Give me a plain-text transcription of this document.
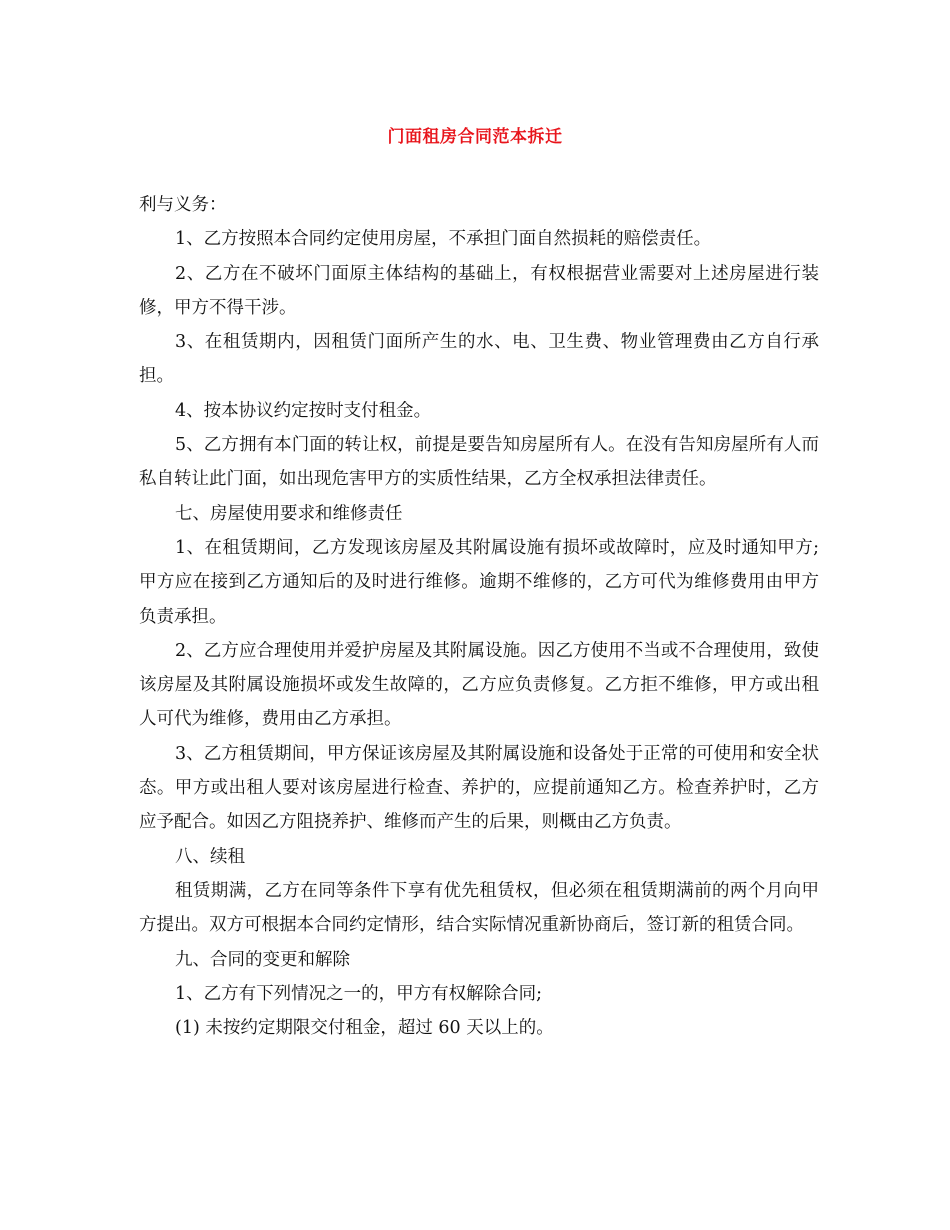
门面租房合同范本拆迁

利与义务：

1、乙方按照本合同约定使用房屋，不承担门面自然损耗的赔偿责任。

2、乙方在不破坏门面原主体结构的基础上，有权根据营业需要对上述房屋进行装修，甲方不得干涉。

3、在租赁期内，因租赁门面所产生的水、电、卫生费、物业管理费由乙方自行承担。

4、按本协议约定按时支付租金。

5、乙方拥有本门面的转让权，前提是要告知房屋所有人。在没有告知房屋所有人而私自转让此门面，如出现危害甲方的实质性结果，乙方全权承担法律责任。

七、房屋使用要求和维修责任

1、在租赁期间，乙方发现该房屋及其附属设施有损坏或故障时，应及时通知甲方;甲方应在接到乙方通知后的及时进行维修。逾期不维修的，乙方可代为维修费用由甲方负责承担。

2、乙方应合理使用并爱护房屋及其附属设施。因乙方使用不当或不合理使用，致使该房屋及其附属设施损坏或发生故障的，乙方应负责修复。乙方拒不维修，甲方或出租人可代为维修，费用由乙方承担。

3、乙方租赁期间，甲方保证该房屋及其附属设施和设备处于正常的可使用和安全状态。甲方或出租人要对该房屋进行检查、养护的，应提前通知乙方。检查养护时，乙方应予配合。如因乙方阻挠养护、维修而产生的后果，则概由乙方负责。

八、续租

租赁期满，乙方在同等条件下享有优先租赁权，但必须在租赁期满前的两个月向甲方提出。双方可根据本合同约定情形，结合实际情况重新协商后，签订新的租赁合同。

九、合同的变更和解除

1、乙方有下列情况之一的，甲方有权解除合同;

(1) 未按约定期限交付租金，超过 60 天以上的。
